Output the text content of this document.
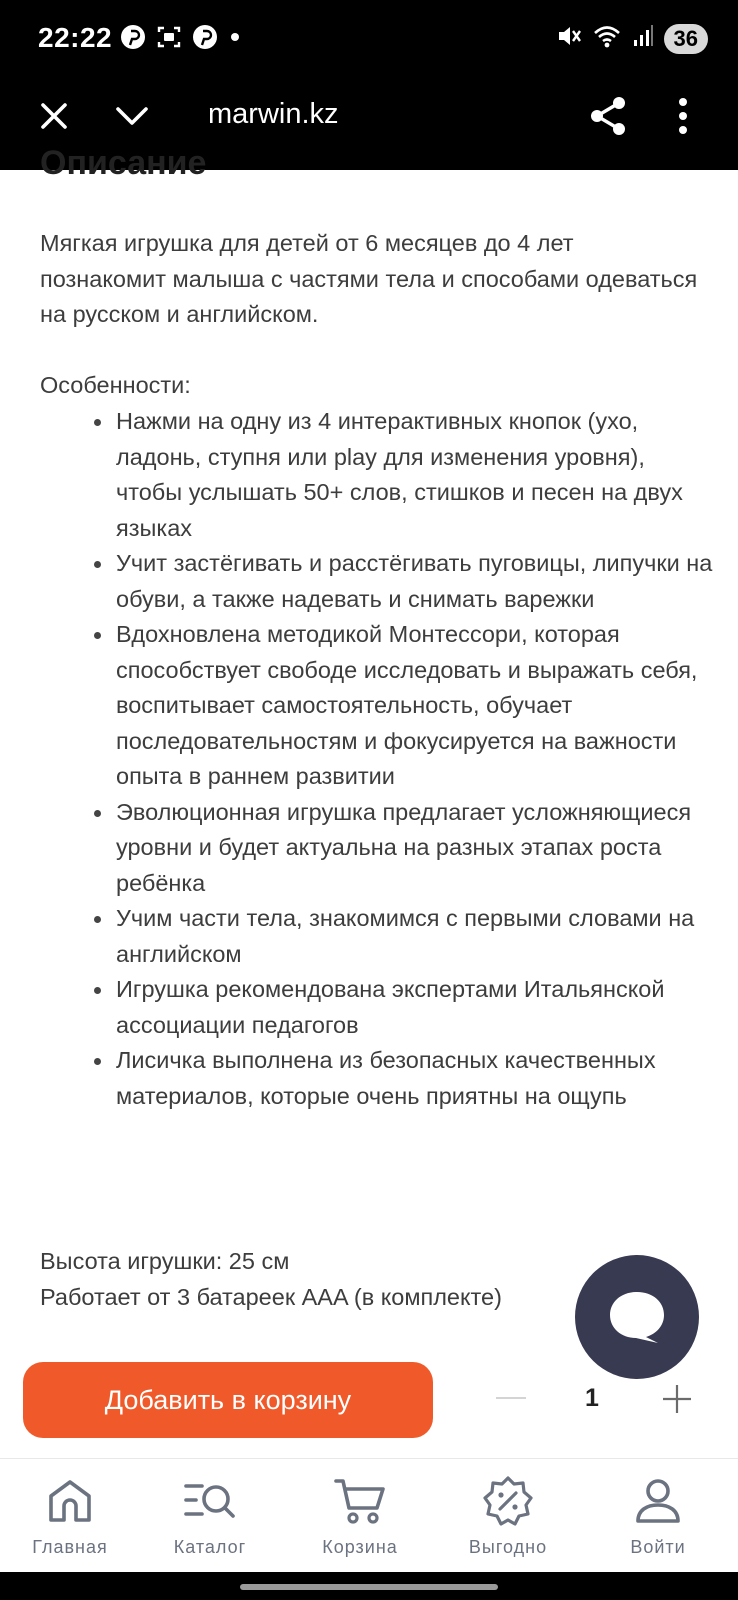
22:22	36
marwin.kz
Описание

Мягкая игрушка для детей от 6 месяцев до 4 лет познакомит малыша с частями тела и способами одеваться на русском и английском.

Особенности:

Нажми на одну из 4 интерактивных кнопок (ухо, ладонь, ступня или play для изменения уровня), чтобы услышать 50+ слов, стишков и песен на двух языках
Учит застёгивать и расстёгивать пуговицы, липучки на обуви, а также надевать и снимать варежки
Вдохновлена методикой Монтессори, которая способствует свободе исследовать и выражать себя, воспитывает самостоятельность, обучает последовательностям и фокусируется на важности опыта в раннем развитии
Эволюционная игрушка предлагает усложняющиеся уровни и будет актуальна на разных этапах роста ребёнка
Учим части тела, знакомимся с первыми словами на английском
Игрушка рекомендована экспертами Итальянской ассоциации педагогов
Лисичка выполнена из безопасных качественных материалов, которые очень приятны на ощупь

Высота игрушки: 25 см

Работает от 3 батареек AAA (в комплекте)

Добавить в корзину	1
Главная	Каталог	Корзина	Выгодно	Войти
